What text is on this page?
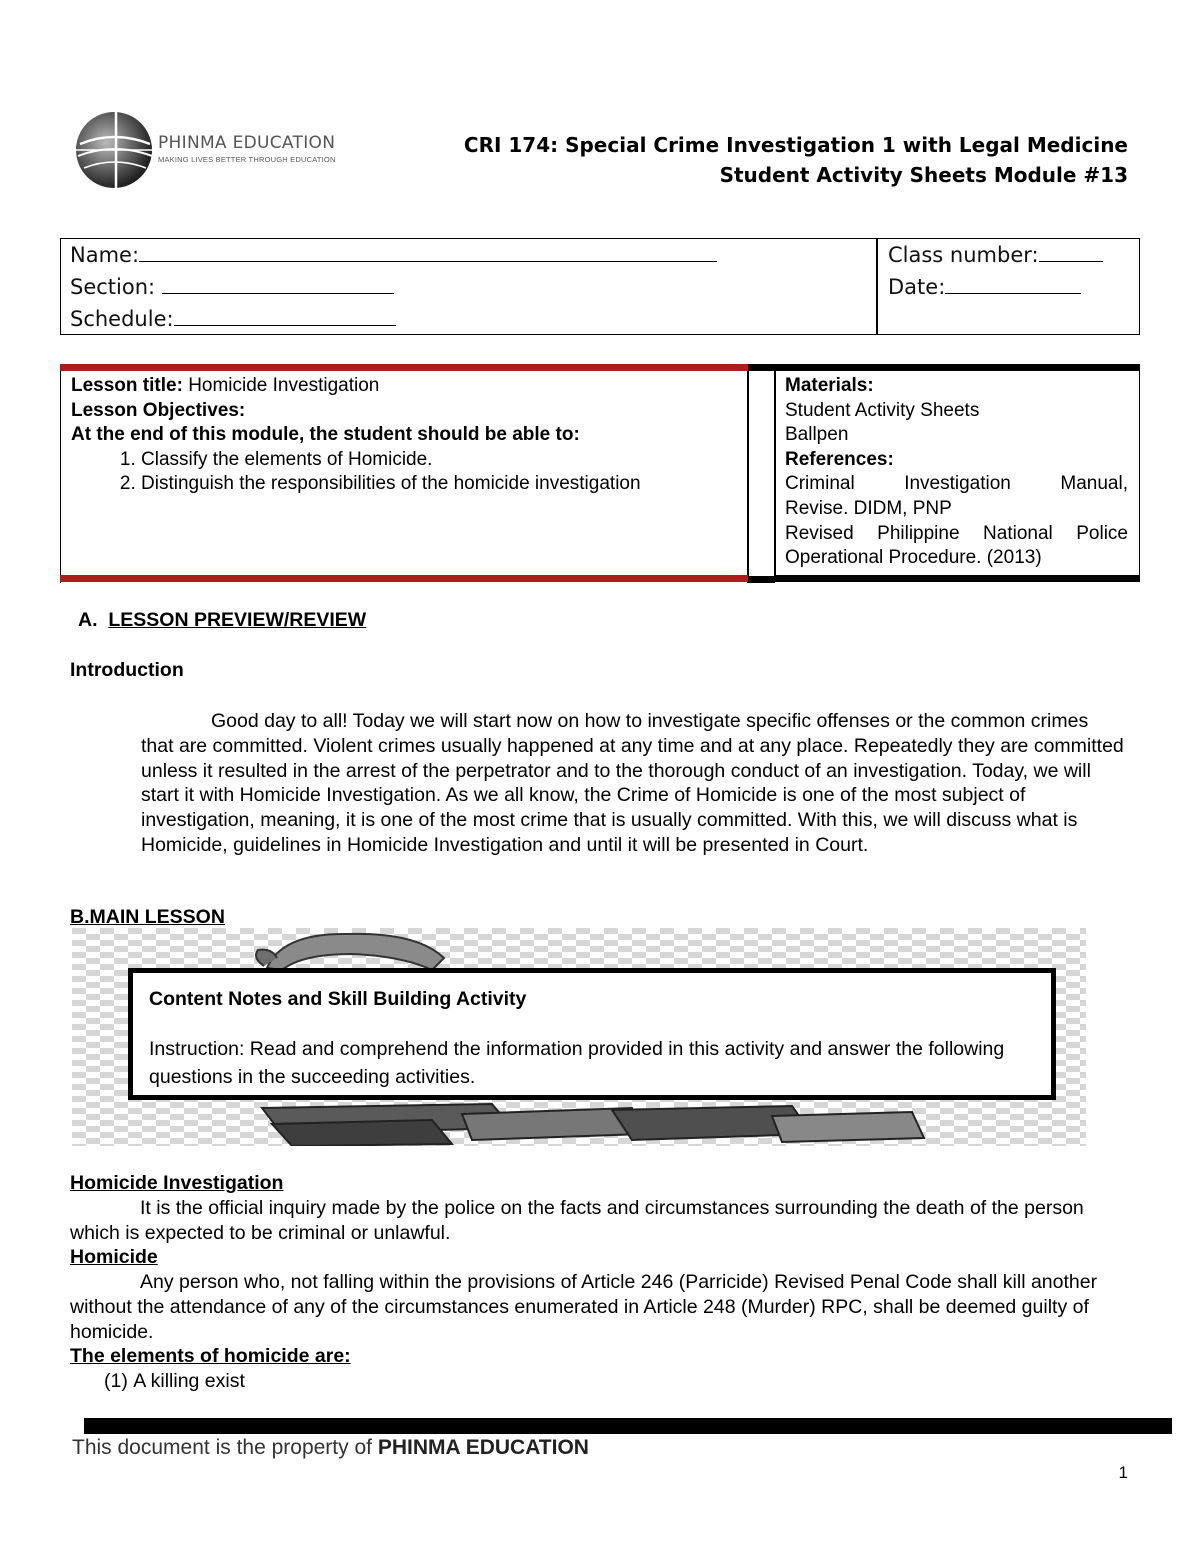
PHINMA EDUCATION
MAKING LIVES BETTER THROUGH EDUCATION
CRI 174: Special Crime Investigation 1 with Legal Medicine
Student Activity Sheets Module #13
Name:
Section:
Schedule:
Class number:
Date:
Lesson title: Homicide Investigation
Lesson Objectives:
At the end of this module, the student should be able to:
1. Classify the elements of Homicide.
2. Distinguish the responsibilities of the homicide investigation
Materials:
Student Activity Sheets
Ballpen
References:
Criminal Investigation Manual,
Revise. DIDM, PNP
Revised Philippine National Police
Operational Procedure. (2013)
A. LESSON PREVIEW/REVIEW
Introduction
Good day to all! Today we will start now on how to investigate specific offenses or the common crimes that are committed. Violent crimes usually happened at any time and at any place. Repeatedly they are committed unless it resulted in the arrest of the perpetrator and to the thorough conduct of an investigation. Today, we will start it with Homicide Investigation. As we all know, the Crime of Homicide is one of the most subject of investigation, meaning, it is one of the most crime that is usually committed. With this, we will discuss what is Homicide, guidelines in Homicide Investigation and until it will be presented in Court.
B.MAIN LESSON
Content Notes and Skill Building Activity
Instruction: Read and comprehend the information provided in this activity and answer the following questions in the succeeding activities.
Homicide Investigation
It is the official inquiry made by the police on the facts and circumstances surrounding the death of the person which is expected to be criminal or unlawful.
Homicide
Any person who, not falling within the provisions of Article 246 (Parricide) Revised Penal Code shall kill another without the attendance of any of the circumstances enumerated in Article 248 (Murder) RPC, shall be deemed guilty of homicide.
The elements of homicide are:
(1) A killing exist
This document is the property of PHINMA EDUCATION
1
